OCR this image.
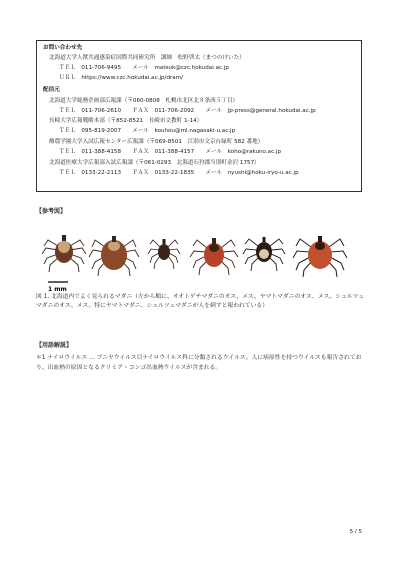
お問い合わせ先
北海道大学人獣共通感染症国際共同研究所　講師　松野啓太（まつのけいた）
ＴＥＬ　011-706-9495　　メール　matsuk@czc.hokudai.ac.jp
ＵＲＬ　https://www.czc.hokudai.ac.jp/dram/
配信元
北海道大学総務企画部広報課（〒060-0808　札幌市北区北８条西５丁目）
ＴＥＬ　011-706-2610　　ＦＡＸ　011-706-2092　　メール　jp-press@general.hokudai.ac.jp
長崎大学広報戦略本部（〒852-8521　長崎市文教町 1-14）
ＴＥＬ　095-819-2007　　メール　kouhou@ml.nagasaki-u.ac.jp
酪農学園大学入試広報センター広報課（〒069-8501　江別市文京台緑町 582 番地）
ＴＥＬ　011-388-4158　　ＦＡＸ　011-388-4157　　メール　koho@rakuno.ac.jp
北海道医療大学広報部入試広報課（〒061-0293　北海道石狩郡当別町金沢 1757）
ＴＥＬ　0133-22-2113　　ＦＡＸ　0133-22-1835　　メール　nyushi@hoku-iryo-u.ac.jp
【参考図】
1 mm
図 1. 北海道内でよく見られるマダニ（左から順に、オオトゲチマダニのオス、メス、ヤマトマダニのオス、メス、シュルツェマダニのオス、メス。特にヤマトマダニ、シュルツェマダニが人を刺すと報われている）
【用語解説】
＊1 ナイロウイルス … ブニヤウイルス目ナイロウイルス科に分類されるウイルス。人に病原性を持つウイルスも報告されており、出血熱の原因となるクリミア・コンゴ出血熱ウイルスが含まれる。
5 / 5
